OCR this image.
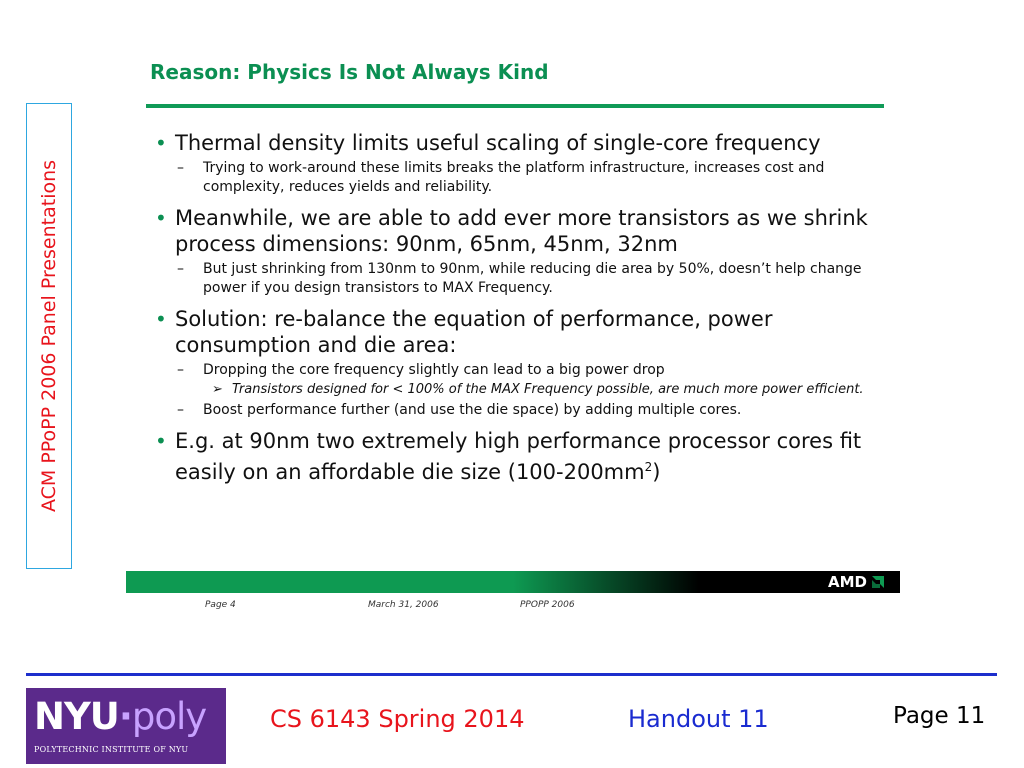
ACM PPoPP 2006 Panel Presentations
Reason: Physics Is Not Always Kind
• Thermal density limits useful scaling of single-core frequency
– Trying to work-around these limits breaks the platform infrastructure, increases cost and complexity, reduces yields and reliability.
• Meanwhile, we are able to add ever more transistors as we shrink process dimensions: 90nm, 65nm, 45nm, 32nm
– But just shrinking from 130nm to 90nm, while reducing die area by 50%, doesn’t help change power if you design transistors to MAX Frequency.
• Solution: re-balance the equation of performance, power consumption and die area:
– Dropping the core frequency slightly can lead to a big power drop
➢ Transistors designed for < 100% of the MAX Frequency possible, are much more power efficient.
– Boost performance further (and use the die space) by adding multiple cores.
• E.g. at 90nm two extremely high performance processor cores fit easily on an affordable die size $(100-200mm^2)$
AMD
Page 4	March 31, 2006	PPOPP 2006
NYU·poly
POLYTECHNIC INSTITUTE OF NYU
CS 6143 Spring 2014	Handout 11	Page 11
